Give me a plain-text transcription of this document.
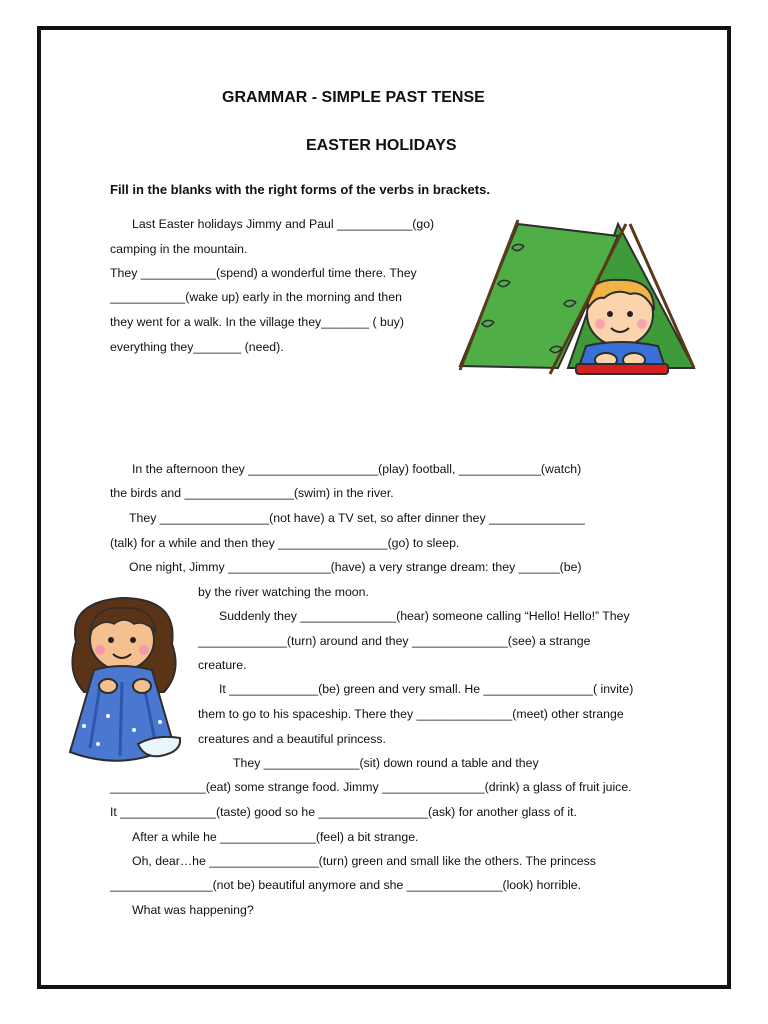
GRAMMAR - SIMPLE PAST TENSE
EASTER HOLIDAYS
Fill in the blanks with the right forms of the verbs in brackets.
Last Easter holidays Jimmy and Paul ___________(go)
camping in the mountain.
They ___________(spend) a wonderful time there. They
___________(wake up) early in the morning and then
they went for a walk. In the village they_______ ( buy)
everything they_______ (need).
In the afternoon they ___________________(play) football, ____________(watch)
the birds and ________________(swim) in the river.
They ________________(not have) a TV set, so after dinner they ______________
(talk) for a while and then they ________________(go) to sleep.
One night, Jimmy _______________(have) a very strange dream: they ______(be)
by the river watching the moon.
Suddenly they ______________(hear) someone calling “Hello! Hello!” They
_____________(turn) around and they ______________(see) a strange
creature.
It _____________(be) green and very small. He ________________( invite)
them to go to his spaceship. There they ______________(meet) other strange
creatures and a beautiful princess.
They ______________(sit) down round a table and they
______________(eat) some strange food. Jimmy _______________(drink) a glass of fruit juice.
It ______________(taste) good so he ________________(ask) for another glass of it.
After a while he ______________(feel) a bit strange.
Oh, dear…he ________________(turn) green and small like the others. The princess
_______________(not be) beautiful anymore and she ______________(look) horrible.
What was happening?
